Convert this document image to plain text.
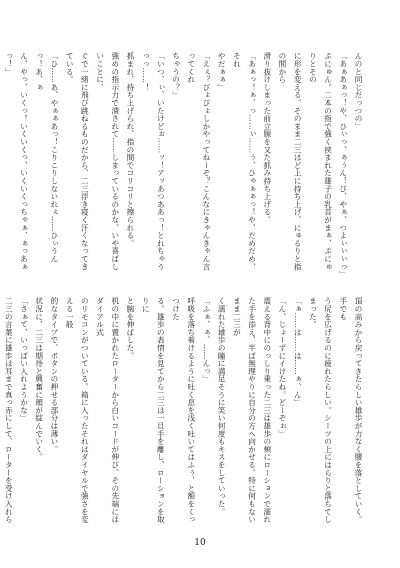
んのと同じだっつの」

「あぁあぁっ！や、ひぃっ、ぁぅん！び、やぁ、つよぃぃぃっ」

ぷにゅん。二本の指で強く挟まれた雄子の乳首がまぁ、ぷにゅりとその

に形を変える。そのまま二三ほど上に持ち上げ、にゅるりと指の間から

滑り抜けしまった前立腺を又た抓み持ち上げる。

「あぁっ！ぁ、っ……ぃ……ぅ、ひゃぁぁっ！や、だめだめ、それ

やだぁぁ」

「えぇ？ぴょぴょしかやってねーぞ？こんなにきゃんきゃん言ってくれ

ちゃうの？」

「いつ、ぃ、いたけどぉ……ッ！アッあつああっ！とれちゃうっっ……！

抓まれ、持ち上げられ、指の間でコリコリと擦られる。

強めの指示力で潰されて……しまっているのかな、いや喜ばしいことに、

ぐで一緒に飛び跳ねるものだから、二三浮き寝く汗くなってきている。

「ひ……あ、やぁぁあっ！こりこりしないれぇ……ひぃうんっ！あ、ぁ

ん、やっ、いくっ！いくいくっ、いくいくっちゃぁ、ぁっあぁっ！」

頂の高みから戻ってきたらしい雄歩が力なく腰を落としていく。手でも

う尻を広げるのに疲れたらしい。シーツの上にはらりと落ちてしまった。

「ぁ……は……は……ぁ、ん」

「ん、じょーずにイけたね。どーぞぉ」

震える背中にのっしり乗った二三は雄歩の頬にローションで濡れ

た手を添え、半ば無理やりに自分の方へ向かせる。特に何もないまま二三が

く濡れた雄歩の瞳に満足そうに笑い何度もキスをしていった。

「ふぁ、ぁ、……んっ」

呼吸を落ち着けるように吐く息を浅く吐いてはふぅ、と額をくっつけた

る。雄歩の表情を見てから二三は一旦手を離し、ローションを取りに

と腕を伸ばした。

机の中に置かれたローターから白いコードが伸び、その先端にはダイアル式

のリモコンがついている。箱に入ったそれはダイヤルで強さを変える一般

的なタイプで、ボタンの押せる部分は薄い。

状況に、二三は期待と興奮に顔が綻んでいく。

「さぁて、いっぱい入れようかな」

二三の言葉に雄歩は耳まで真っ赤にして、ローターを受け入れら

10
